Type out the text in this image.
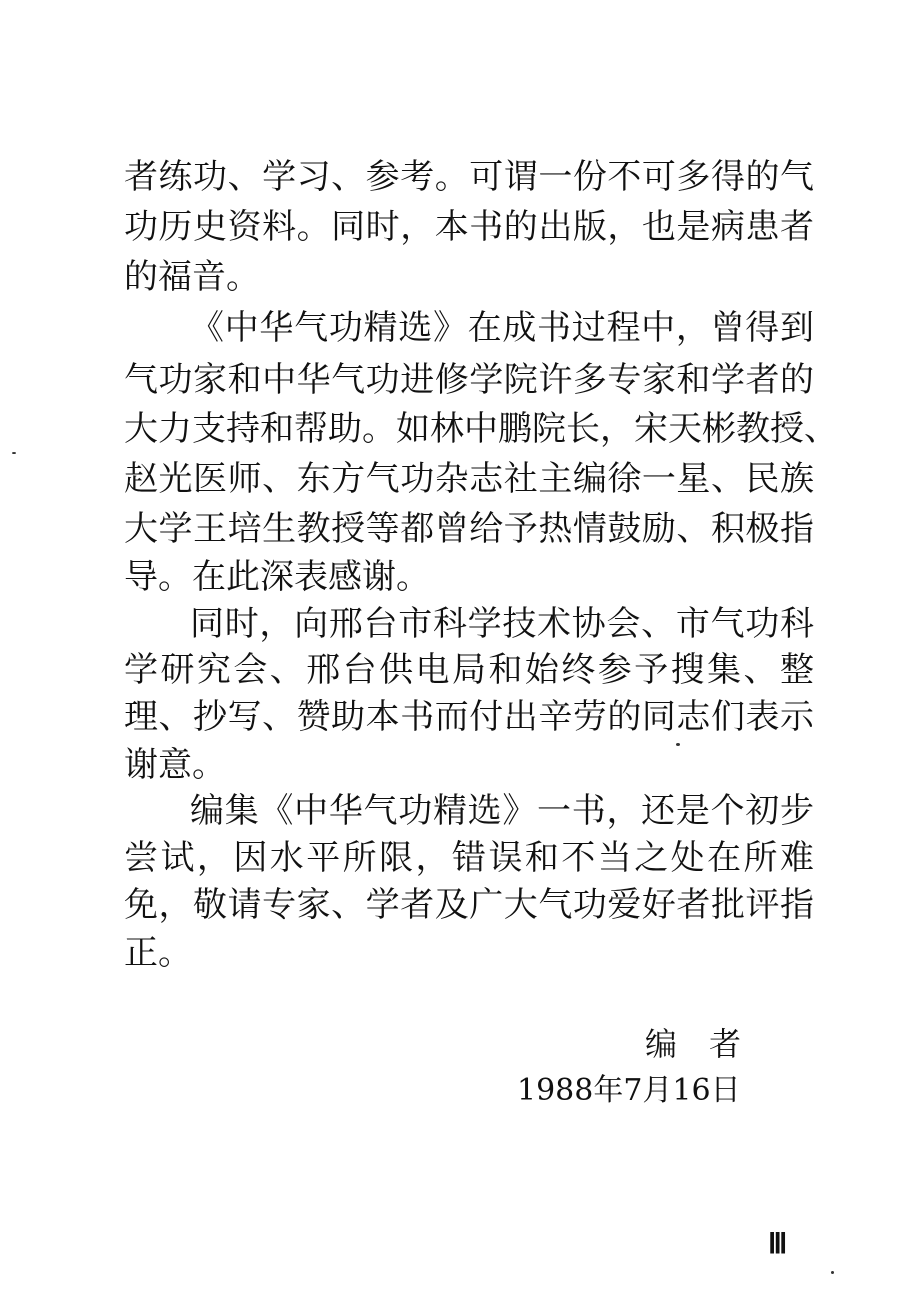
者练功、学习、参考。可谓一份不可多得的气
功历史资料。同时，本书的出版，也是病患者
的福音。
《中华气功精选》在成书过程中，曾得到
气功家和中华气功进修学院许多专家和学者的
大力支持和帮助。如林中鹏院长，宋天彬教授、
赵光医师、东方气功杂志社主编徐一星、民族
大学王培生教授等都曾给予热情鼓励、积极指
导。在此深表感谢。
同时，向邢台市科学技术协会、市气功科
学研究会、邢台供电局和始终参予搜集、整
理、抄写、赞助本书而付出辛劳的同志们表示
谢意。
编集《中华气功精选》一书，还是个初步
尝试，因水平所限，错误和不当之处在所难
免，敬请专家、学者及广大气功爱好者批评指
正。
编　者
1988年7月16日
Ⅲ
